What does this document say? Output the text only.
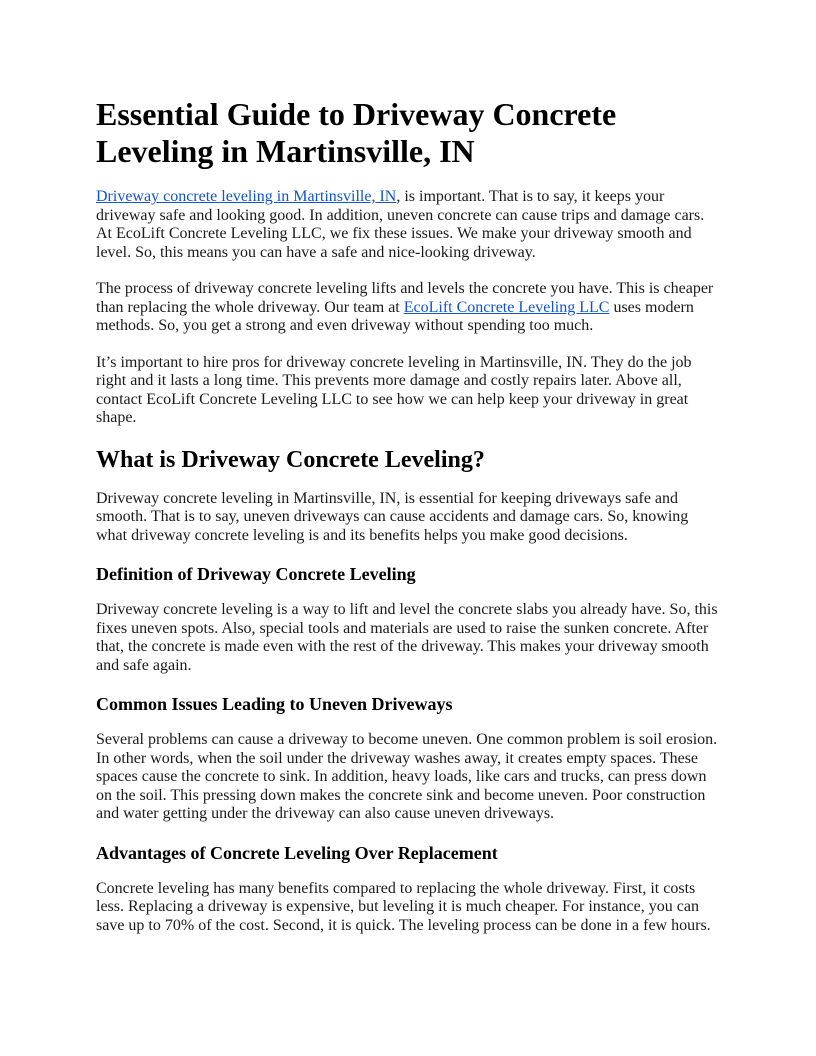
Essential Guide to Driveway Concrete Leveling in Martinsville, IN

Driveway concrete leveling in Martinsville, IN, is important. That is to say, it keeps your driveway safe and looking good. In addition, uneven concrete can cause trips and damage cars. At EcoLift Concrete Leveling LLC, we fix these issues. We make your driveway smooth and level. So, this means you can have a safe and nice-looking driveway.

The process of driveway concrete leveling lifts and levels the concrete you have. This is cheaper than replacing the whole driveway. Our team at EcoLift Concrete Leveling LLC uses modern methods. So, you get a strong and even driveway without spending too much.

It’s important to hire pros for driveway concrete leveling in Martinsville, IN. They do the job right and it lasts a long time. This prevents more damage and costly repairs later. Above all, contact EcoLift Concrete Leveling LLC to see how we can help keep your driveway in great shape.

What is Driveway Concrete Leveling?

Driveway concrete leveling in Martinsville, IN, is essential for keeping driveways safe and smooth. That is to say, uneven driveways can cause accidents and damage cars. So, knowing what driveway concrete leveling is and its benefits helps you make good decisions.

Definition of Driveway Concrete Leveling

Driveway concrete leveling is a way to lift and level the concrete slabs you already have. So, this fixes uneven spots. Also, special tools and materials are used to raise the sunken concrete. After that, the concrete is made even with the rest of the driveway. This makes your driveway smooth and safe again.

Common Issues Leading to Uneven Driveways

Several problems can cause a driveway to become uneven. One common problem is soil erosion. In other words, when the soil under the driveway washes away, it creates empty spaces. These spaces cause the concrete to sink. In addition, heavy loads, like cars and trucks, can press down on the soil. This pressing down makes the concrete sink and become uneven. Poor construction and water getting under the driveway can also cause uneven driveways.

Advantages of Concrete Leveling Over Replacement

Concrete leveling has many benefits compared to replacing the whole driveway. First, it costs less. Replacing a driveway is expensive, but leveling it is much cheaper. For instance, you can save up to 70% of the cost. Second, it is quick. The leveling process can be done in a few hours.
